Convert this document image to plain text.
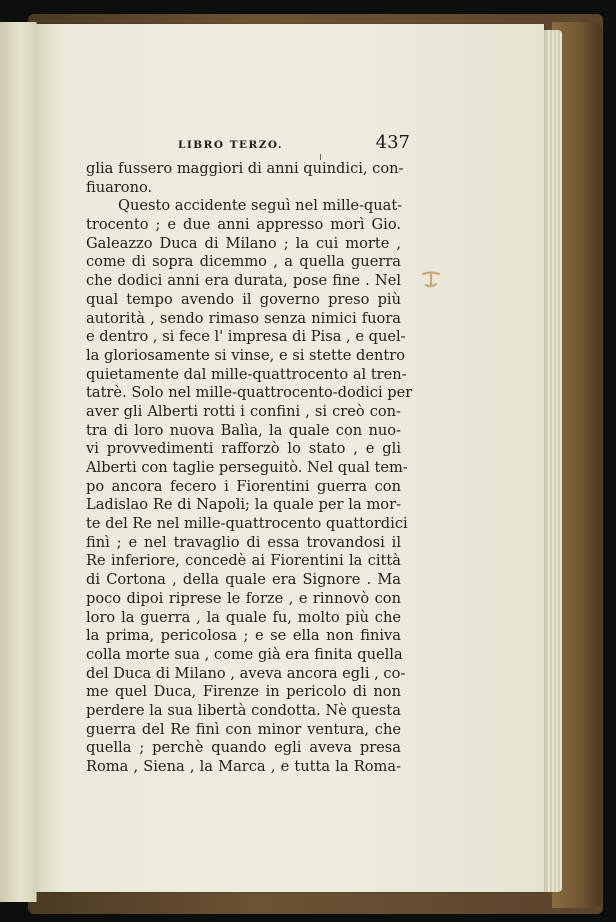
LIBRO TERZO.	437
glia fussero maggiori di anni quindici, con-
fiuarono.
Questo accidente seguì nel mille-quat-
trocento ; e due anni appresso morì Gio.
Galeazzo Duca di Milano ; la cui morte ,
come di sopra dicemmo , a quella guerra
che dodici anni era durata, pose fine . Nel
qual tempo avendo il governo preso più
autorità , sendo rimaso senza nimici fuora
e dentro , si fece l' impresa di Pisa , e quel-
la gloriosamente si vinse, e si stette dentro
quietamente dal mille-quattrocento al tren-
tatrè. Solo nel mille-quattrocento-dodici per
aver gli Alberti rotti i confini , si creò con-
tra di loro nuova Balìa, la quale con nuo-
vi provvedimenti rafforzò lo stato , e gli
Alberti con taglie perseguitò. Nel qual tem-
po ancora fecero i Fiorentini guerra con
Ladislao Re di Napoli; la quale per la mor-
te del Re nel mille-quattrocento quattordici
finì ; e nel travaglio di essa trovandosi il
Re inferiore, concedè ai Fiorentini la città
di Cortona , della quale era Signore . Ma
poco dipoi riprese le forze , e rinnovò con
loro la guerra , la quale fu, molto più che
la prima, pericolosa ; e se ella non finiva
colla morte sua , come già era finita quella
del Duca di Milano , aveva ancora egli , co-
me quel Duca, Firenze in pericolo di non
perdere la sua libertà condotta. Nè questa
guerra del Re finì con minor ventura, che
quella ; perchè quando egli aveva presa
Roma , Siena , la Marca , e tutta la Roma-
